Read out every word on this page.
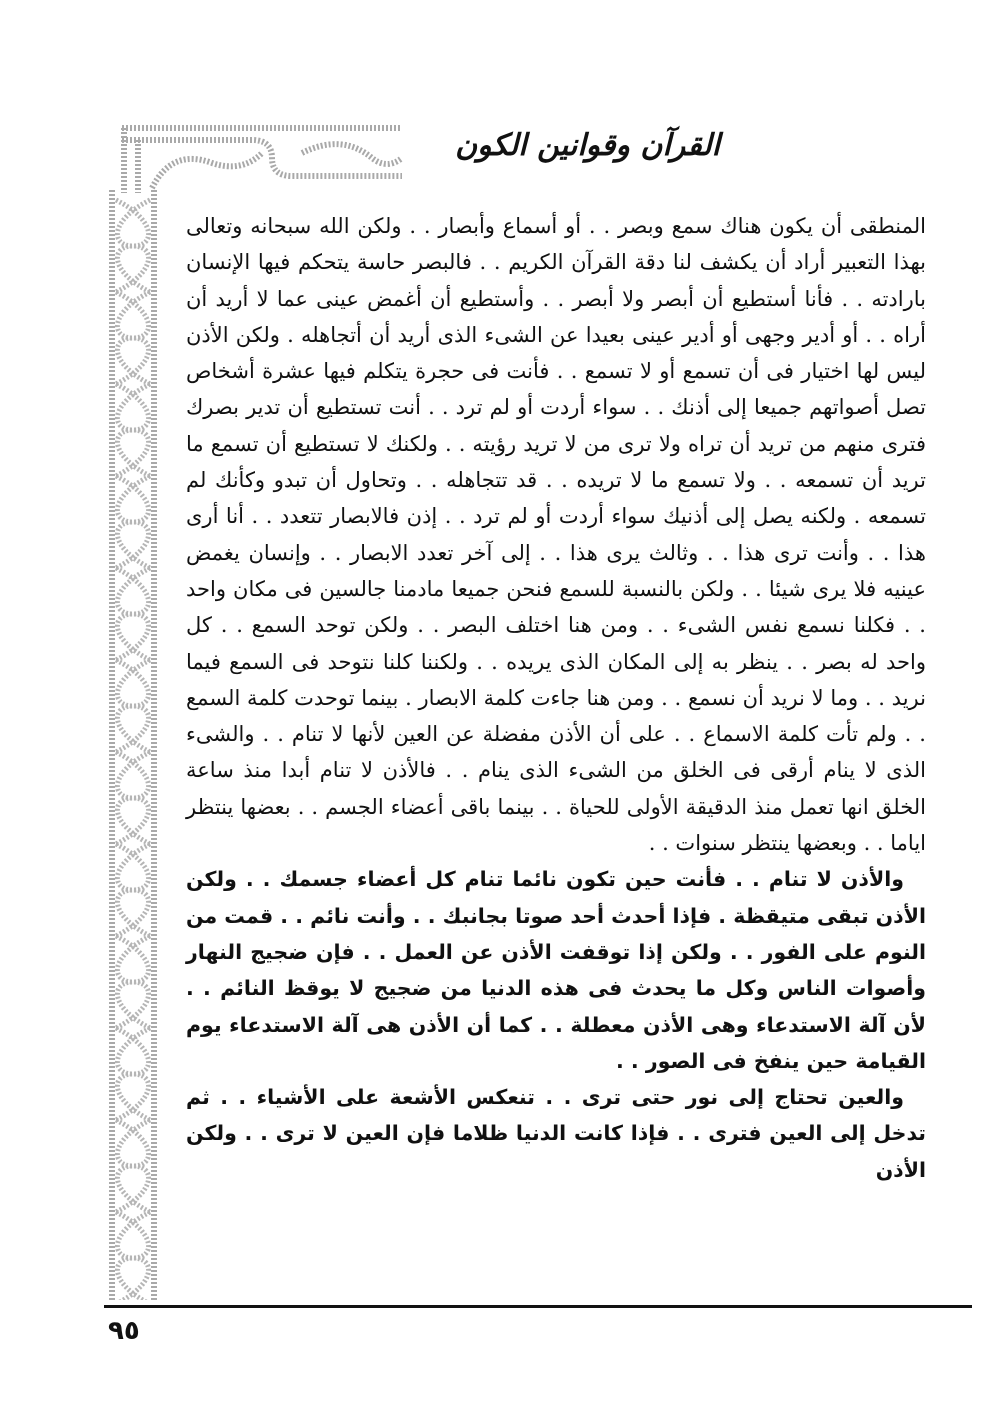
القرآن وقوانين الكون

المنطقى أن يكون هناك سمع وبصر . . أو أسماع وأبصار . . ولكن الله سبحانه وتعالى بهذا التعبير أراد أن يكشف لنا دقة القرآن الكريم . . فالبصر حاسة يتحكم فيها الإنسان بارادته . . فأنا أستطيع أن أبصر ولا أبصر . . وأستطيع أن أغمض عينى عما لا أريد أن أراه . . أو أدير وجهى أو أدير عينى بعيدا عن الشىء الذى أريد أن أتجاهله . ولكن الأذن ليس لها اختيار فى أن تسمع أو لا تسمع . . فأنت فى حجرة يتكلم فيها عشرة أشخاص تصل أصواتهم جميعا إلى أذنك . . سواء أردت أو لم ترد . . أنت تستطيع أن تدير بصرك فترى منهم من تريد أن تراه ولا ترى من لا تريد رؤيته . . ولكنك لا تستطيع أن تسمع ما تريد أن تسمعه . . ولا تسمع ما لا تريده . . قد تتجاهله . . وتحاول أن تبدو وكأنك لم تسمعه . ولكنه يصل إلى أذنيك سواء أردت أو لم ترد . . إذن فالابصار تتعدد . . أنا أرى هذا . . وأنت ترى هذا . . وثالث يرى هذا . . إلى آخر تعدد الابصار . . وإنسان يغمض عينيه فلا يرى شيئا . . ولكن بالنسبة للسمع فنحن جميعا مادمنا جالسين فى مكان واحد . . فكلنا نسمع نفس الشىء . . ومن هنا اختلف البصر . . ولكن توحد السمع . . كل واحد له بصر . . ينظر به إلى المكان الذى يريده . . ولكننا كلنا نتوحد فى السمع فيما نريد . . وما لا نريد أن نسمع . . ومن هنا جاءت كلمة الابصار . بينما توحدت كلمة السمع . . ولم تأت كلمة الاسماع . . على أن الأذن مفضلة عن العين لأنها لا تنام . . والشىء الذى لا ينام أرقى فى الخلق من الشىء الذى ينام . . فالأذن لا تنام أبدا منذ ساعة الخلق انها تعمل منذ الدقيقة الأولى للحياة . . بينما باقى أعضاء الجسم . . بعضها ينتظر اياما . . وبعضها ينتظر سنوات . .

والأذن لا تنام . . فأنت حين تكون نائما تنام كل أعضاء جسمك . . ولكن الأذن تبقى متيقظة . فإذا أحدث أحد صوتا بجانبك . . وأنت نائم . . قمت من النوم على الفور . . ولكن إذا توقفت الأذن عن العمل . . فإن ضجيج النهار وأصوات الناس وكل ما يحدث فى هذه الدنيا من ضجيج لا يوقظ النائم . . لأن آلة الاستدعاء وهى الأذن معطلة . . كما أن الأذن هى آلة الاستدعاء يوم القيامة حين ينفخ فى الصور . .

والعين تحتاج إلى نور حتى ترى . . تنعكس الأشعة على الأشياء . . ثم تدخل إلى العين فترى . . فإذا كانت الدنيا ظلاما فإن العين لا ترى . . ولكن الأذن

٩٥
